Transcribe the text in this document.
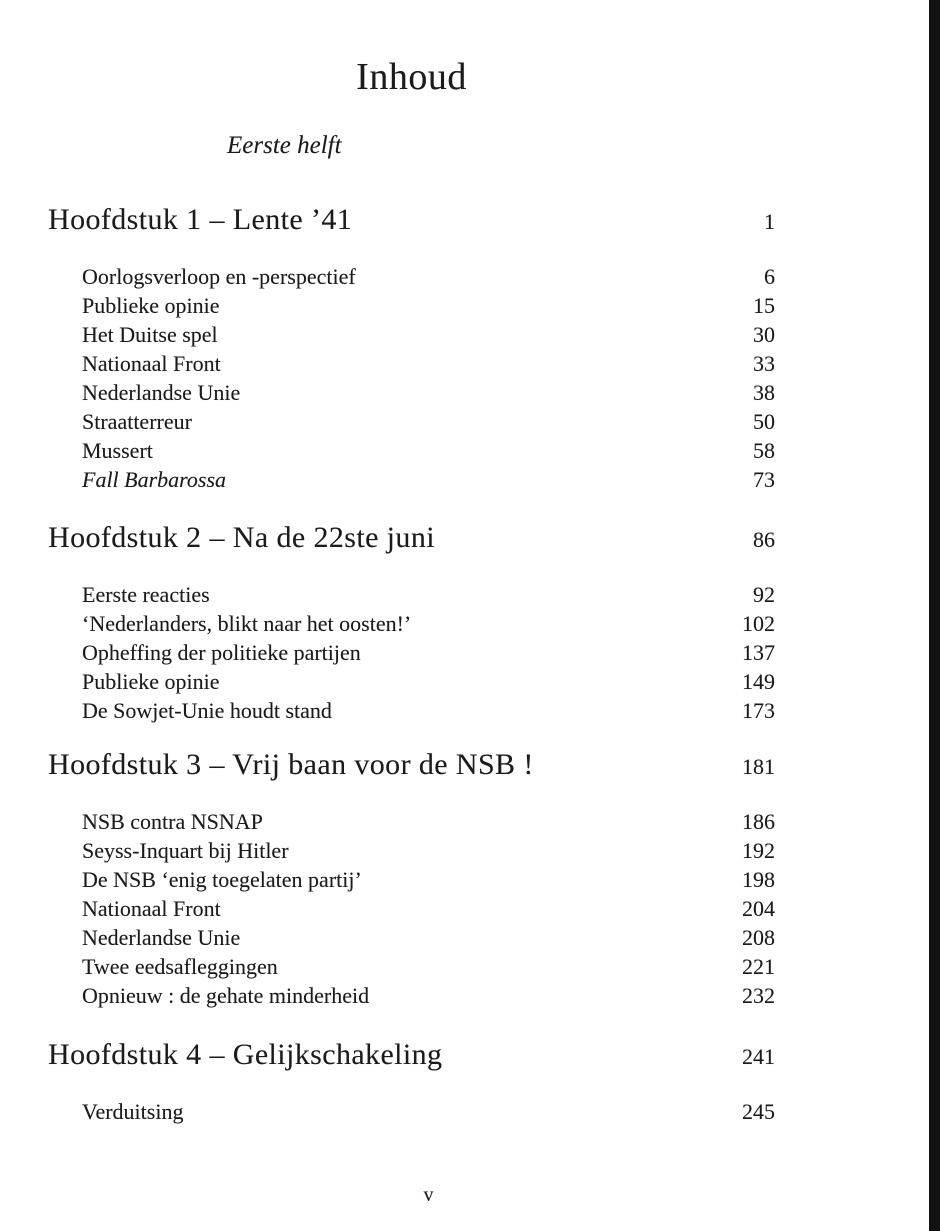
Inhoud
Eerste helft
Hoofdstuk 1 – Lente ’41	1
Oorlogsverloop en -perspectief	6
Publieke opinie	15
Het Duitse spel	30
Nationaal Front	33
Nederlandse Unie	38
Straatterreur	50
Mussert	58
Fall Barbarossa	73
Hoofdstuk 2 – Na de 22ste juni	86
Eerste reacties	92
‘Nederlanders, blikt naar het oosten!’	102
Opheffing der politieke partijen	137
Publieke opinie	149
De Sowjet-Unie houdt stand	173
Hoofdstuk 3 – Vrij baan voor de NSB !	181
NSB contra NSNAP	186
Seyss-Inquart bij Hitler	192
De NSB ‘enig toegelaten partij’	198
Nationaal Front	204
Nederlandse Unie	208
Twee eedsafleggingen	221
Opnieuw : de gehate minderheid	232
Hoofdstuk 4 – Gelijkschakeling	241
Verduitsing	245
v
